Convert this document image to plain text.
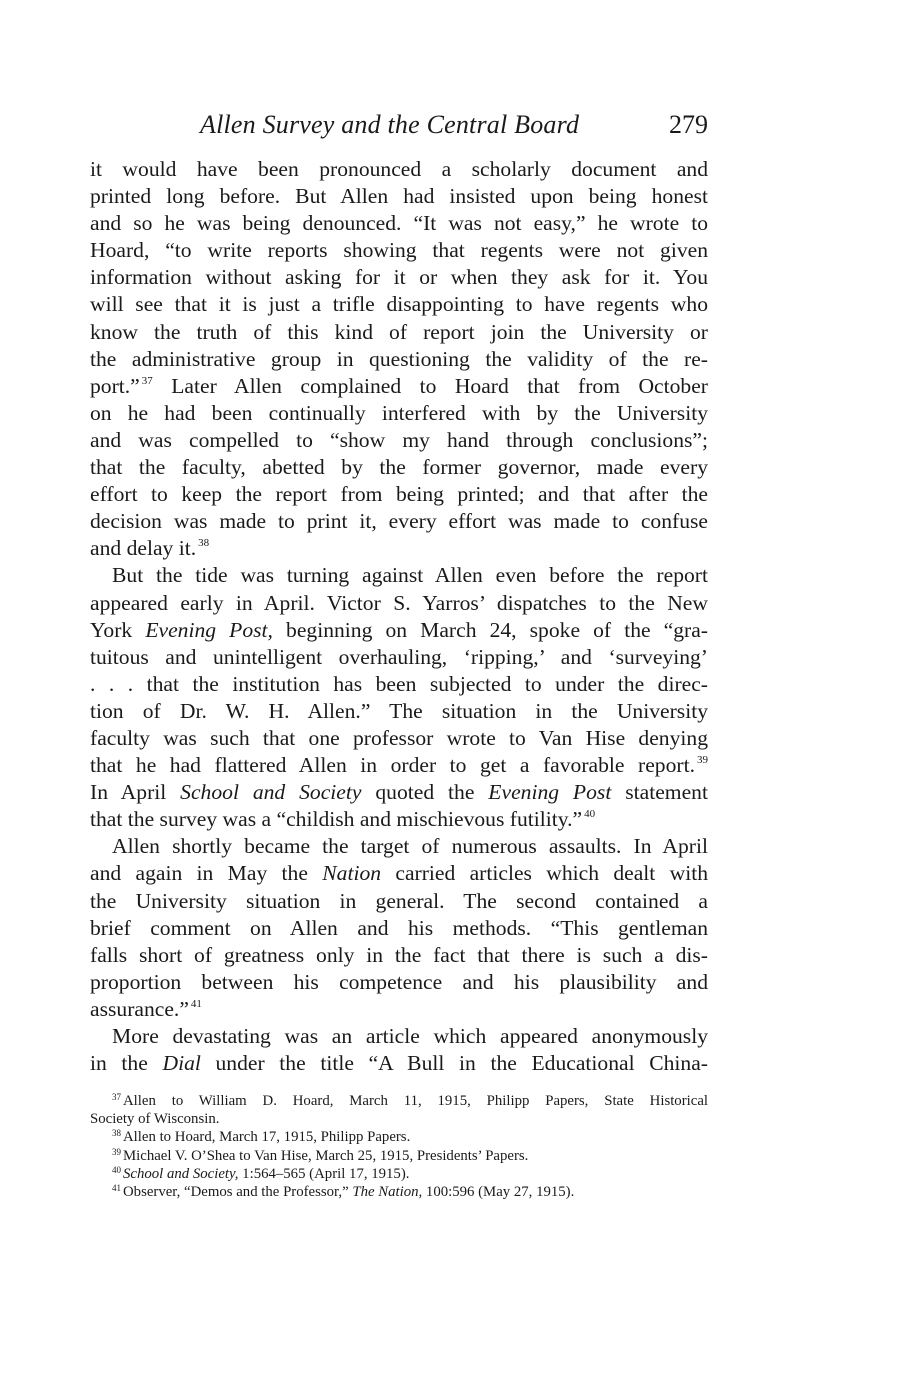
Allen Survey and the Central Board	279
it would have been pronounced a scholarly document and
printed long before. But Allen had insisted upon being honest
and so he was being denounced. “It was not easy,” he wrote to
Hoard, “to write reports showing that regents were not given
information without asking for it or when they ask for it. You
will see that it is just a trifle disappointing to have regents who
know the truth of this kind of report join the University or
the administrative group in questioning the validity of the re-
port.” $^{37}$ Later Allen complained to Hoard that from October
on he had been continually interfered with by the University
and was compelled to “show my hand through conclusions”;
that the faculty, abetted by the former governor, made every
effort to keep the report from being printed; and that after the
decision was made to print it, every effort was made to confuse
and delay it. $^{38}$
But the tide was turning against Allen even before the report
appeared early in April. Victor S. Yarros’ dispatches to the New
York Evening Post, beginning on March 24, spoke of the “gra-
tuitous and unintelligent overhauling, ‘ripping,’ and ‘surveying’
. . . that the institution has been subjected to under the direc-
tion of Dr. W. H. Allen.” The situation in the University
faculty was such that one professor wrote to Van Hise denying
that he had flattered Allen in order to get a favorable report. $^{39}$
In April School and Society quoted the Evening Post statement
that the survey was a “childish and mischievous futility.” $^{40}$
Allen shortly became the target of numerous assaults. In April
and again in May the Nation carried articles which dealt with
the University situation in general. The second contained a
brief comment on Allen and his methods. “This gentleman
falls short of greatness only in the fact that there is such a dis-
proportion between his competence and his plausibility and
assurance.” $^{41}$
More devastating was an article which appeared anonymously
in the Dial under the title “A Bull in the Educational China-
$^{37}$ Allen to William D. Hoard, March 11, 1915, Philipp Papers, State Historical
Society of Wisconsin.
$^{38}$ Allen to Hoard, March 17, 1915, Philipp Papers.
$^{39}$ Michael V. O’Shea to Van Hise, March 25, 1915, Presidents’ Papers.
$^{40}$ School and Society, 1:564–565 (April 17, 1915).
$^{41}$ Observer, “Demos and the Professor,” The Nation, 100:596 (May 27, 1915).
